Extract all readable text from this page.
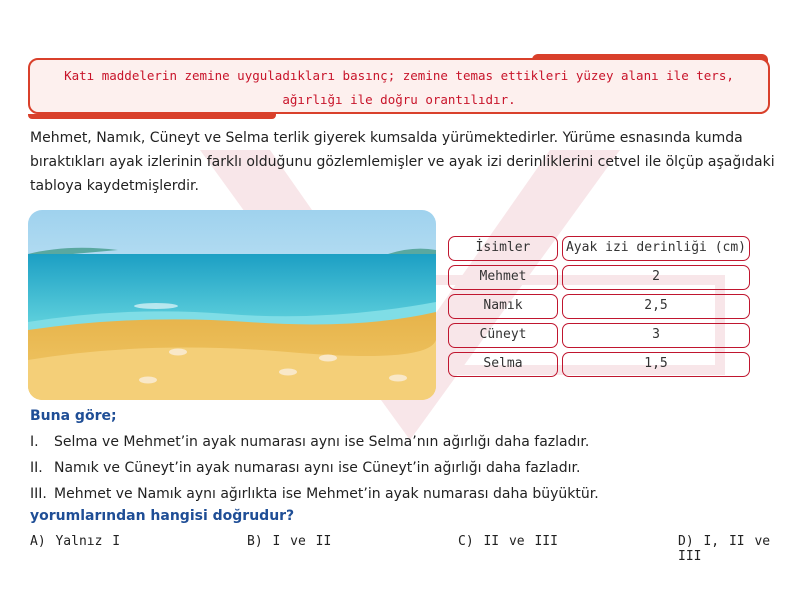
Katı maddelerin zemine uyguladıkları basınç; zemine temas ettikleri yüzey alanı ile ters,
ağırlığı ile doğru orantılıdır.

Mehmet, Namık, Cüneyt ve Selma terlik giyerek kumsalda yürümektedirler. Yürüme esnasında kumda bıraktıkları ayak izlerinin farklı olduğunu gözlemlemişler ve ayak izi derinliklerini cetvel ile ölçüp aşağıdaki tabloya kaydetmişlerdir.

İsimler	Ayak izi derinliği (cm)
Mehmet	2
Namık	2,5
Cüneyt	3
Selma	1,5

Buna göre;

I. Selma ve Mehmet’in ayak numarası aynı ise Selma’nın ağırlığı daha fazladır.
II. Namık ve Cüneyt’in ayak numarası aynı ise Cüneyt’in ağırlığı daha fazladır.
III. Mehmet ve Namık aynı ağırlıkta ise Mehmet’in ayak numarası daha büyüktür.

yorumlarından hangisi doğrudur?

A) Yalnız I	B) I ve II	C) II ve III	D) I, II ve III
